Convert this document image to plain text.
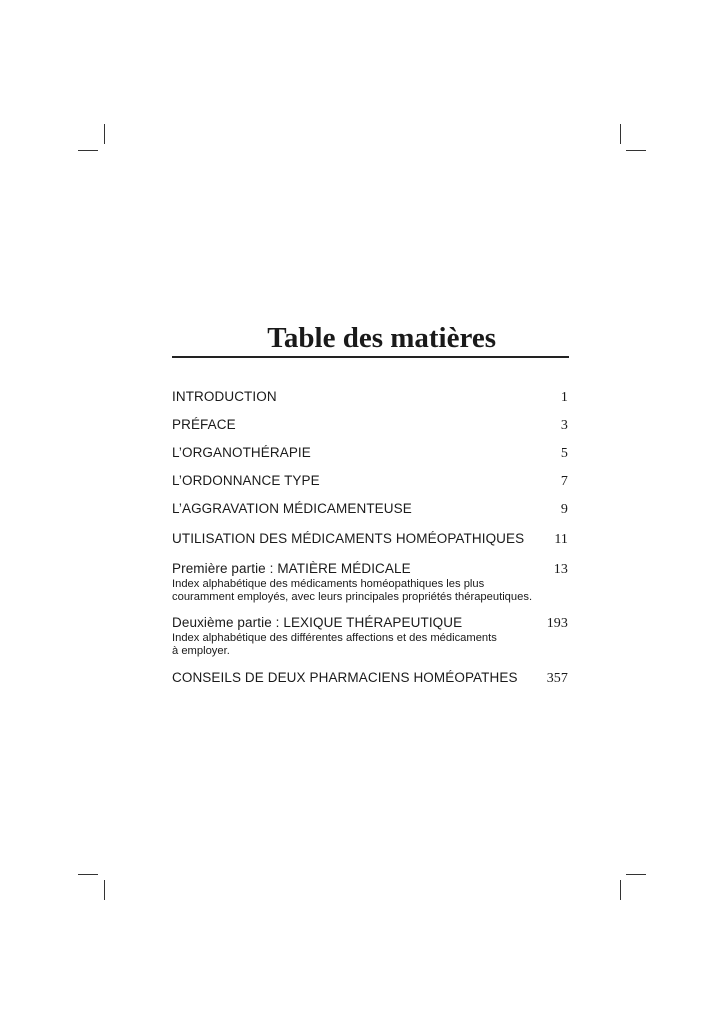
Table des matières
INTRODUCTION	1
PRÉFACE	3
L’ORGANOTHÉRAPIE	5
L’ORDONNANCE TYPE	7
L’AGGRAVATION MÉDICAMENTEUSE	9
UTILISATION DES MÉDICAMENTS HOMÉOPATHIQUES 11
Première partie : MATIÈRE MÉDICALE	13
Index alphabétique des médicaments homéopathiques les plus
couramment employés, avec leurs principales propriétés thérapeutiques.
Deuxième partie : LEXIQUE THÉRAPEUTIQUE	193
Index alphabétique des différentes affections et des médicaments
à employer.
CONSEILS DE DEUX PHARMACIENS HOMÉOPATHES 357
